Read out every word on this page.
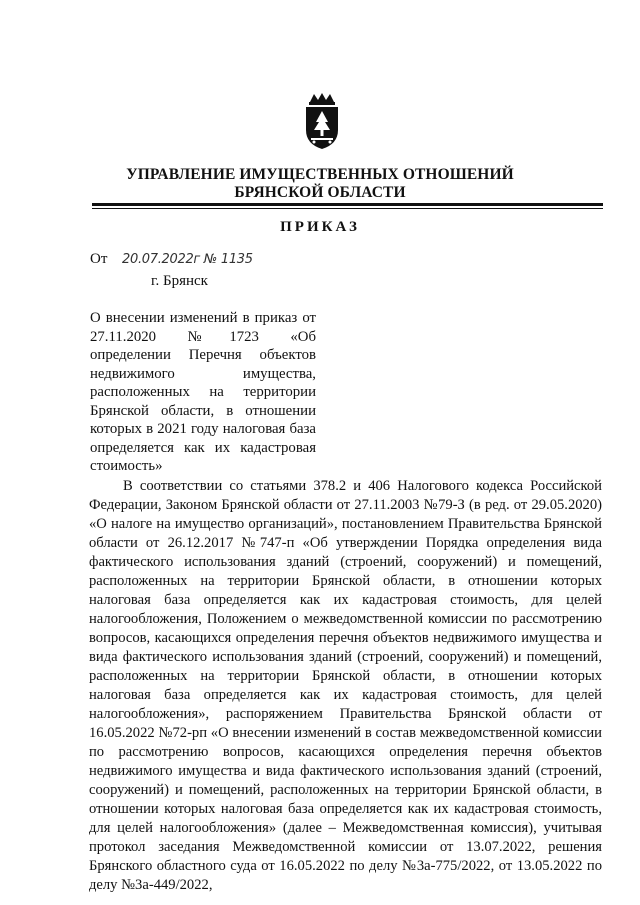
УПРАВЛЕНИЕ ИМУЩЕСТВЕННЫХ ОТНОШЕНИЙ
БРЯНСКОЙ ОБЛАСТИ
ПРИКАЗ
От	20.07.2022г № 1135
г. Брянск
О внесении изменений в приказ от 27.11.2020 №1723 «Об определении Перечня объектов недвижимого имущества, расположенных на территории Брянской области, в отношении которых в 2021 году налоговая база определяется как их кадастровая стоимость»
В соответствии со статьями 378.2 и 406 Налогового кодекса Российской Федерации, Законом Брянской области от 27.11.2003 №79-З (в ред. от 29.05.2020) «О налоге на имущество организаций», постановлением Правительства Брянской области от 26.12.2017 №747-п «Об утверждении Порядка определения вида фактического использования зданий (строений, сооружений) и помещений, расположенных на территории Брянской области, в отношении которых налоговая база определяется как их кадастровая стоимость, для целей налогообложения, Положением о межведомственной комиссии по рассмотрению вопросов, касающихся определения перечня объектов недвижимого имущества и вида фактического использования зданий (строений, сооружений) и помещений, расположенных на территории Брянской области, в отношении которых налоговая база определяется как их кадастровая стоимость, для целей налогообложения», распоряжением Правительства Брянской области от 16.05.2022 №72-рп «О внесении изменений в состав межведомственной комиссии по рассмотрению вопросов, касающихся определения перечня объектов недвижимого имущества и вида фактического использования зданий (строений, сооружений) и помещений, расположенных на территории Брянской области, в отношении которых налоговая база определяется как их кадастровая стоимость, для целей налогообложения» (далее – Межведомственная комиссия), учитывая протокол заседания Межведомственной комиссии от 13.07.2022, решения Брянского областного суда от 16.05.2022 по делу №3а-775/2022, от 13.05.2022 по делу №3а-449/2022,
